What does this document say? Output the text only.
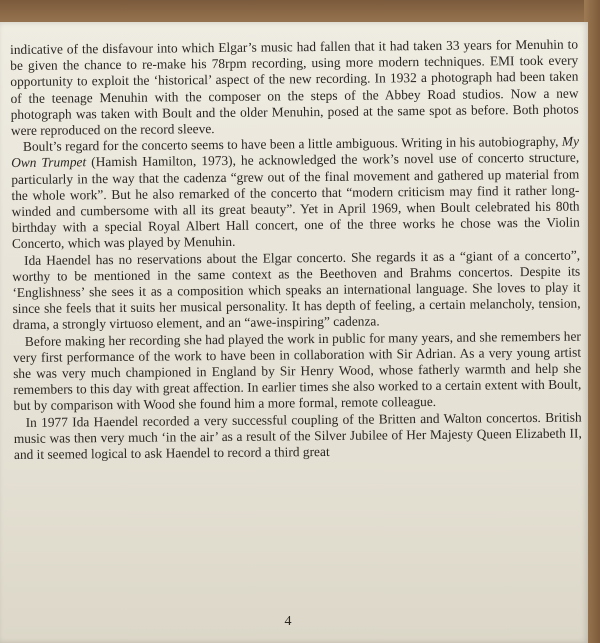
indicative of the disfavour into which Elgar’s music had fallen that it had taken 33 years for Menuhin to be given the chance to re-make his 78rpm recording, using more modern techniques. EMI took every opportunity to exploit the ‘historical’ aspect of the new recording. In 1932 a photograph had been taken of the teenage Menuhin with the composer on the steps of the Abbey Road studios. Now a new photograph was taken with Boult and the older Menuhin, posed at the same spot as before. Both photos were reproduced on the record sleeve.

Boult’s regard for the concerto seems to have been a little ambiguous. Writing in his autobiography, My Own Trumpet (Hamish Hamilton, 1973), he acknowledged the work’s novel use of concerto structure, particularly in the way that the cadenza “grew out of the final movement and gathered up material from the whole work”. But he also remarked of the concerto that “modern criticism may find it rather long-winded and cumbersome with all its great beauty”. Yet in April 1969, when Boult celebrated his 80th birthday with a special Royal Albert Hall concert, one of the three works he chose was the Violin Concerto, which was played by Menuhin.

Ida Haendel has no reservations about the Elgar concerto. She regards it as a “giant of a concerto”, worthy to be mentioned in the same context as the Beethoven and Brahms concertos. Despite its ‘Englishness’ she sees it as a composition which speaks an international language. She loves to play it since she feels that it suits her musical personality. It has depth of feeling, a certain melancholy, tension, drama, a strongly virtuoso element, and an “awe-inspiring” cadenza.

Before making her recording she had played the work in public for many years, and she remembers her very first performance of the work to have been in collaboration with Sir Adrian. As a very young artist she was very much championed in England by Sir Henry Wood, whose fatherly warmth and help she remembers to this day with great affection. In earlier times she also worked to a certain extent with Boult, but by comparison with Wood she found him a more formal, remote colleague.

In 1977 Ida Haendel recorded a very successful coupling of the Britten and Walton concertos. British music was then very much ‘in the air’ as a result of the Silver Jubilee of Her Majesty Queen Elizabeth II, and it seemed logical to ask Haendel to record a third great

4
